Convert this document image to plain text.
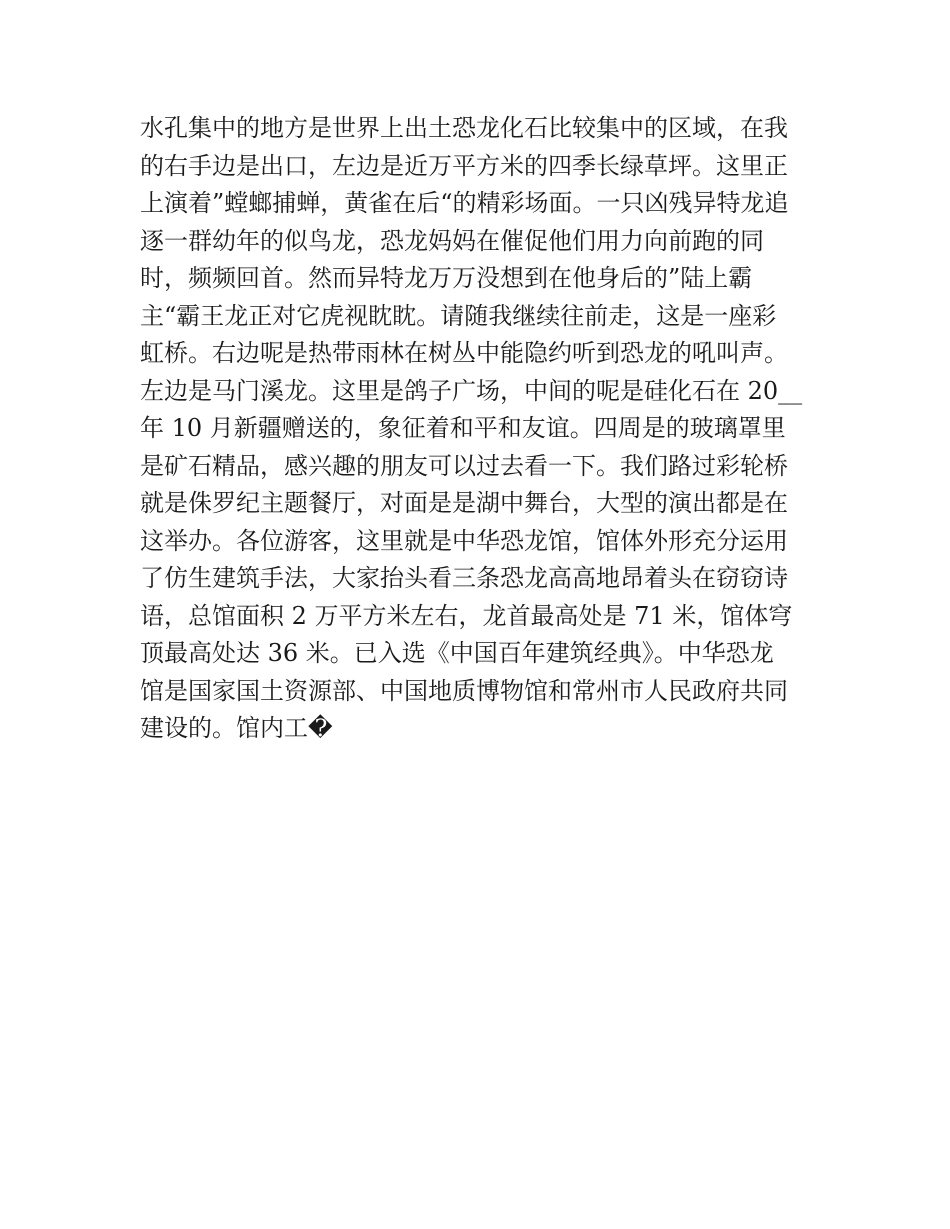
水孔集中的地方是世界上出土恐龙化石比较集中的区域，在我
的右手边是出口，左边是近万平方米的四季长绿草坪。这里正
上演着”螳螂捕蝉，黄雀在后“的精彩场面。一只凶残异特龙追
逐一群幼年的似鸟龙，恐龙妈妈在催促他们用力向前跑的同
时，频频回首。然而异特龙万万没想到在他身后的”陆上霸
主“霸王龙正对它虎视眈眈。请随我继续往前走，这是一座彩
虹桥。右边呢是热带雨林在树丛中能隐约听到恐龙的吼叫声。
左边是马门溪龙。这里是鸽子广场，中间的呢是硅化石在 20__
年 10 月新疆赠送的，象征着和平和友谊。四周是的玻璃罩里
是矿石精品，感兴趣的朋友可以过去看一下。我们路过彩轮桥
就是侏罗纪主题餐厅，对面是是湖中舞台，大型的演出都是在
这举办。各位游客，这里就是中华恐龙馆，馆体外形充分运用
了仿生建筑手法，大家抬头看三条恐龙高高地昂着头在窃窃诗
语，总馆面积 2 万平方米左右，龙首最高处是 71 米，馆体穹
顶最高处达 36 米。已入选《中国百年建筑经典》。中华恐龙
馆是国家国土资源部、中国地质博物馆和常州市人民政府共同
建设的。馆内工�
